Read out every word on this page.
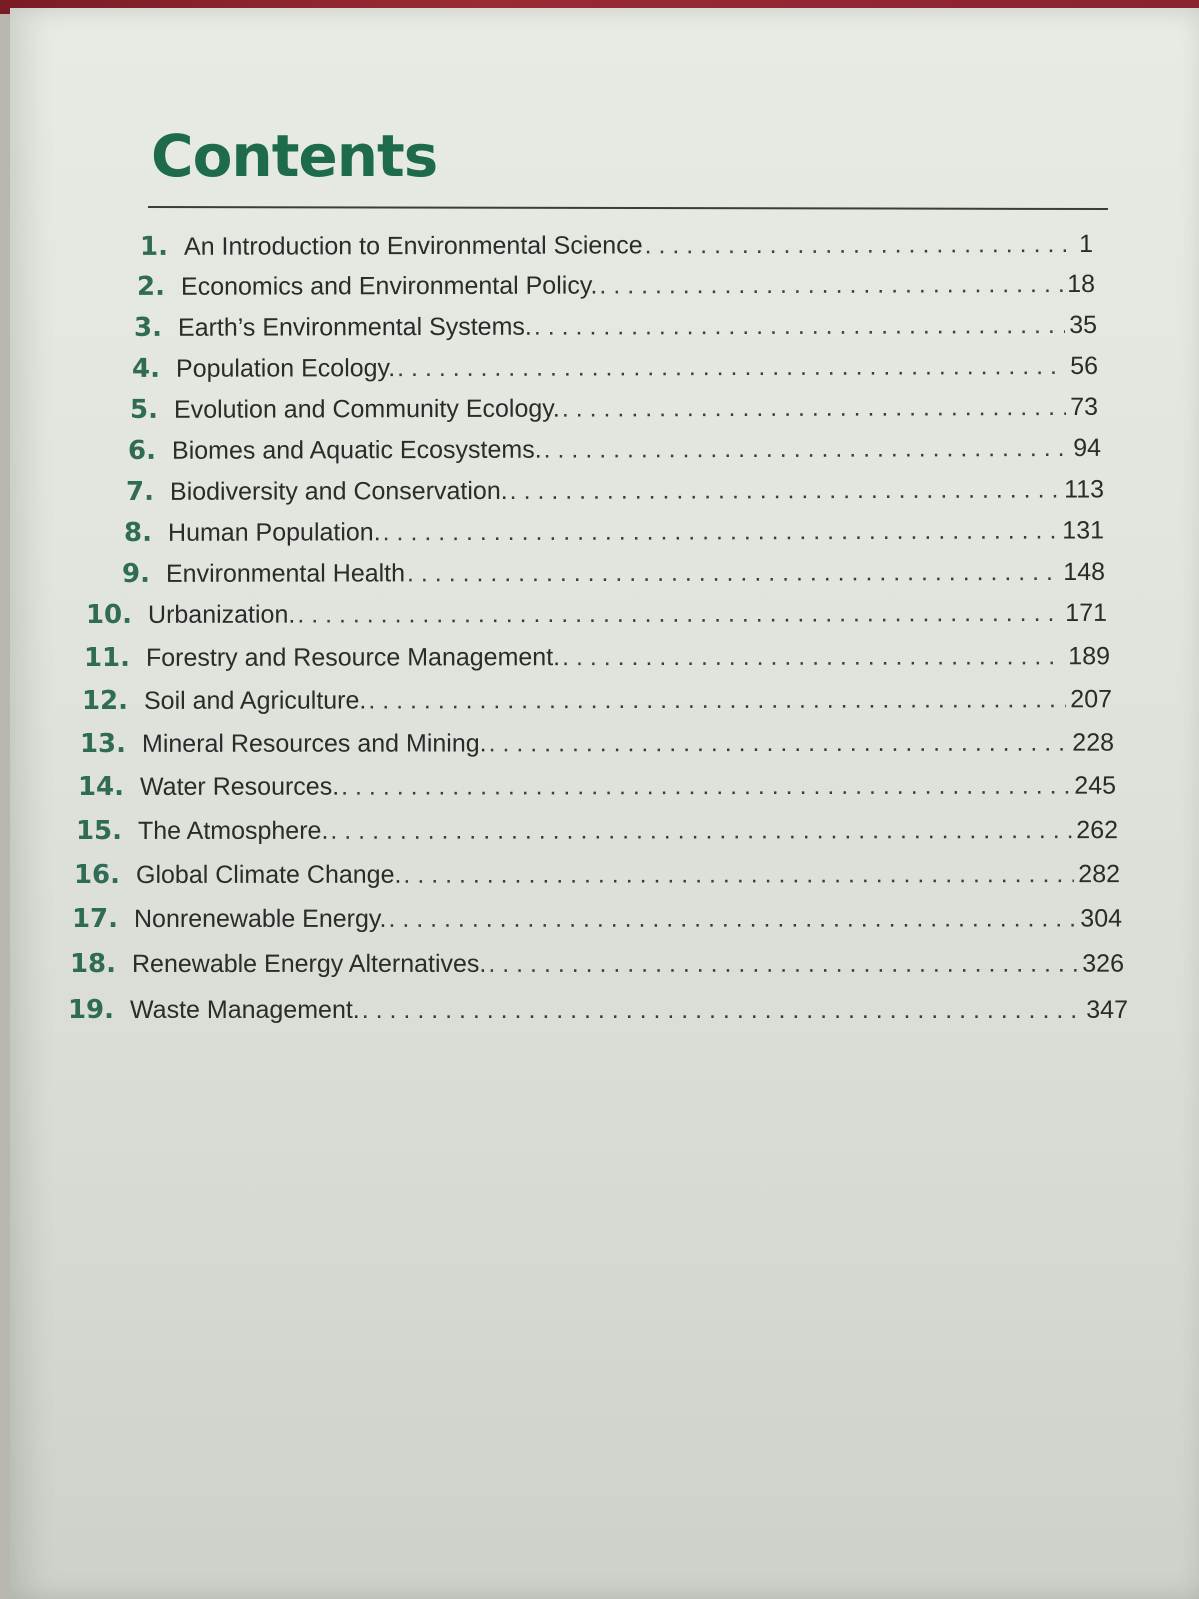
Contents
1. An Introduction to Environmental Science . . .	1
2. Economics and Environmental Policy. . . .	18
3. Earth’s Environmental Systems. . . .	35
4. Population Ecology. . . .	56
5. Evolution and Community Ecology. . . .	73
6. Biomes and Aquatic Ecosystems. . . .	94
7. Biodiversity and Conservation. . . .	113
8. Human Population. . . .	131
9. Environmental Health . . .	148
10. Urbanization. . . .	171
11. Forestry and Resource Management. . . .	189
12. Soil and Agriculture. . . .	207
13. Mineral Resources and Mining. . . .	228
14. Water Resources. . . .	245
15. The Atmosphere. . . .	262
16. Global Climate Change. . . .	282
17. Nonrenewable Energy. . . .	304
18. Renewable Energy Alternatives. . . .	326
19. Waste Management. . . .	347
